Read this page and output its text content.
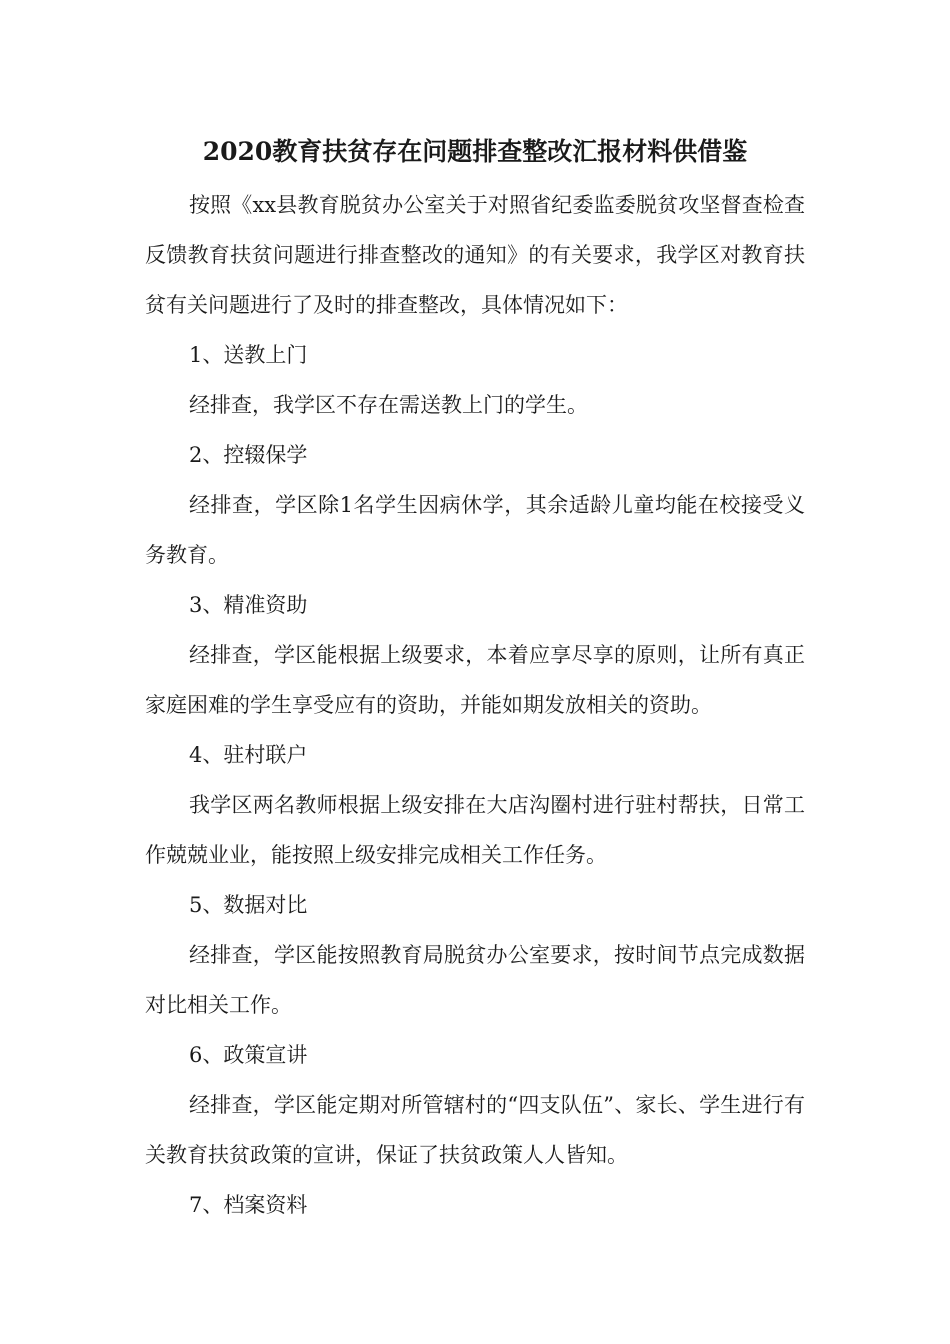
2020教育扶贫存在问题排查整改汇报材料供借鉴

按照《xx县教育脱贫办公室关于对照省纪委监委脱贫攻坚督查检查反馈教育扶贫问题进行排查整改的通知》的有关要求，我学区对教育扶贫有关问题进行了及时的排查整改，具体情况如下：

1、送教上门

经排查，我学区不存在需送教上门的学生。

2、控辍保学

经排查，学区除1名学生因病休学，其余适龄儿童均能在校接受义务教育。

3、精准资助

经排查，学区能根据上级要求，本着应享尽享的原则，让所有真正家庭困难的学生享受应有的资助，并能如期发放相关的资助。

4、驻村联户

我学区两名教师根据上级安排在大店沟圈村进行驻村帮扶，日常工作兢兢业业，能按照上级安排完成相关工作任务。

5、数据对比

经排查，学区能按照教育局脱贫办公室要求，按时间节点完成数据对比相关工作。

6、政策宣讲

经排查，学区能定期对所管辖村的“四支队伍”、家长、学生进行有关教育扶贫政策的宣讲，保证了扶贫政策人人皆知。

7、档案资料
